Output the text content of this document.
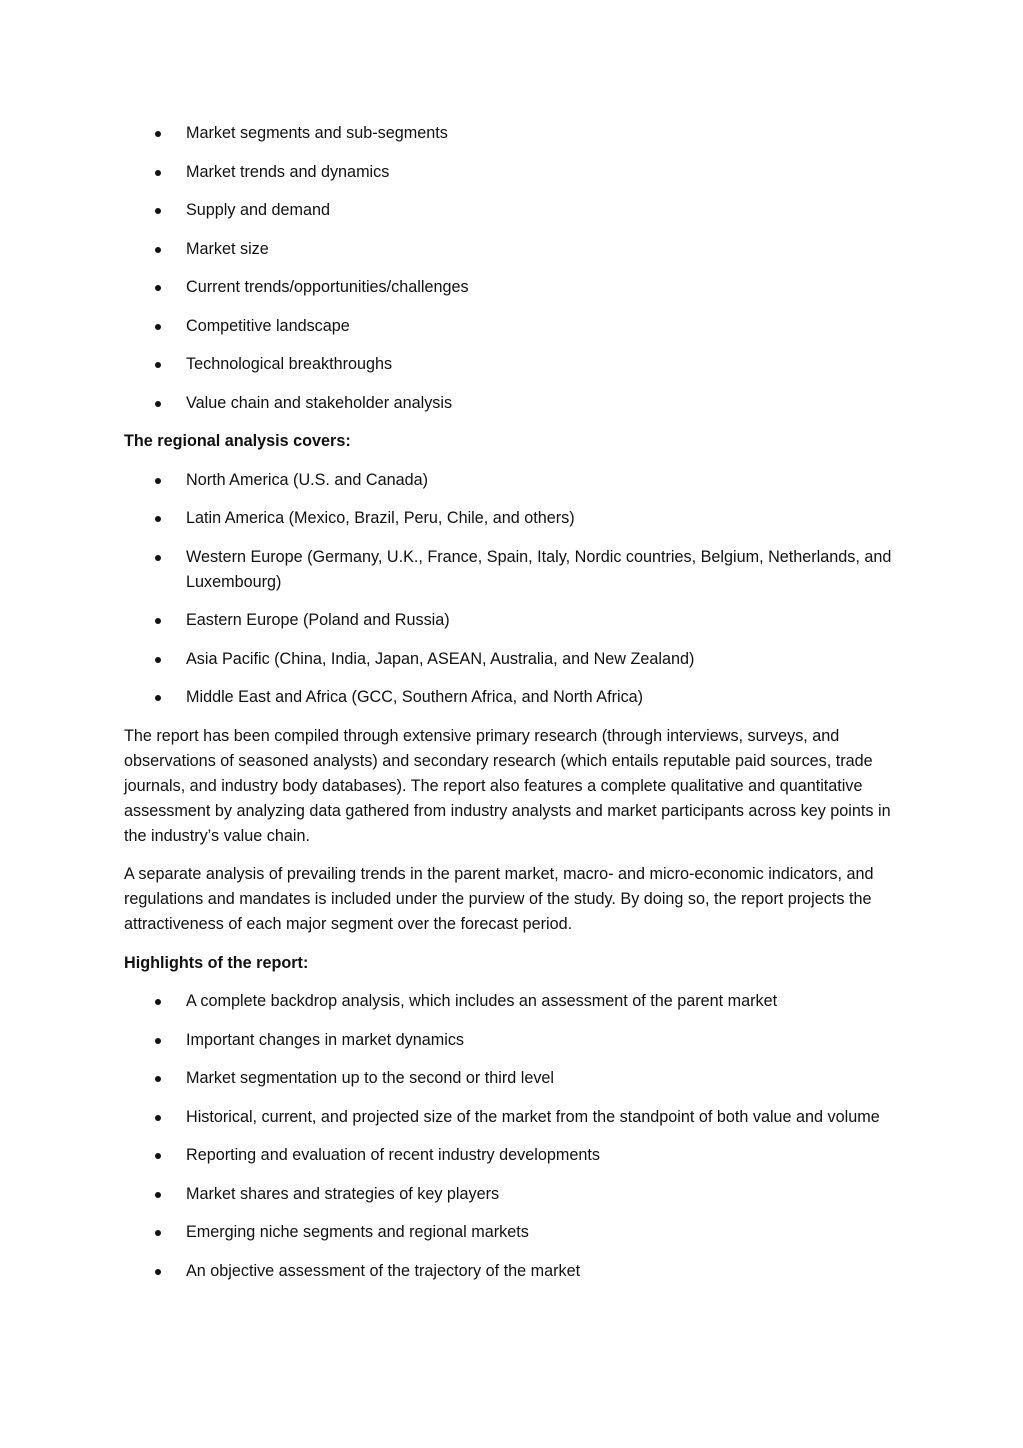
Market segments and sub-segments
Market trends and dynamics
Supply and demand
Market size
Current trends/opportunities/challenges
Competitive landscape
Technological breakthroughs
Value chain and stakeholder analysis
The regional analysis covers:
North America (U.S. and Canada)
Latin America (Mexico, Brazil, Peru, Chile, and others)
Western Europe (Germany, U.K., France, Spain, Italy, Nordic countries, Belgium, Netherlands, and Luxembourg)
Eastern Europe (Poland and Russia)
Asia Pacific (China, India, Japan, ASEAN, Australia, and New Zealand)
Middle East and Africa (GCC, Southern Africa, and North Africa)

The report has been compiled through extensive primary research (through interviews, surveys, and observations of seasoned analysts) and secondary research (which entails reputable paid sources, trade journals, and industry body databases). The report also features a complete qualitative and quantitative assessment by analyzing data gathered from industry analysts and market participants across key points in the industry’s value chain.

A separate analysis of prevailing trends in the parent market, macro- and micro-economic indicators, and regulations and mandates is included under the purview of the study. By doing so, the report projects the attractiveness of each major segment over the forecast period.

Highlights of the report:
A complete backdrop analysis, which includes an assessment of the parent market
Important changes in market dynamics
Market segmentation up to the second or third level
Historical, current, and projected size of the market from the standpoint of both value and volume
Reporting and evaluation of recent industry developments
Market shares and strategies of key players
Emerging niche segments and regional markets
An objective assessment of the trajectory of the market
